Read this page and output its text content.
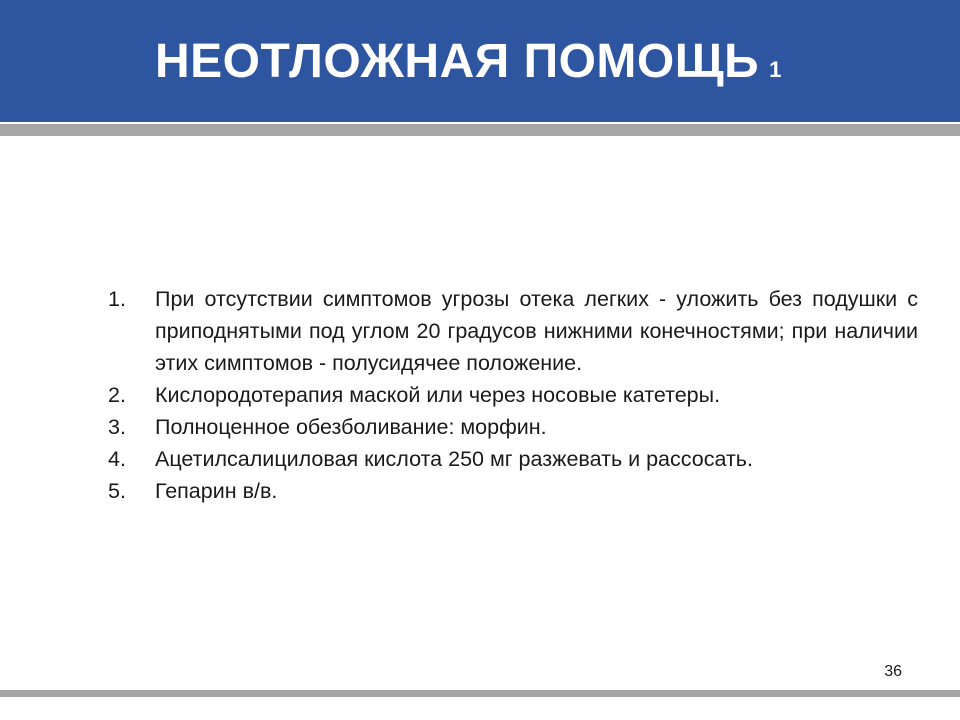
НЕОТЛОЖНАЯ ПОМОЩЬ 1
1. При отсутствии симптомов угрозы отека легких - уложить без подушки с приподнятыми под углом 20 градусов нижними конечностями; при наличии этих симптомов - полусидячее положение.
2. Кислородотерапия маской или через носовые катетеры.
3. Полноценное обезболивание: морфин.
4. Ацетилсалициловая кислота 250 мг разжевать и рассосать.
5. Гепарин в/в.
36
